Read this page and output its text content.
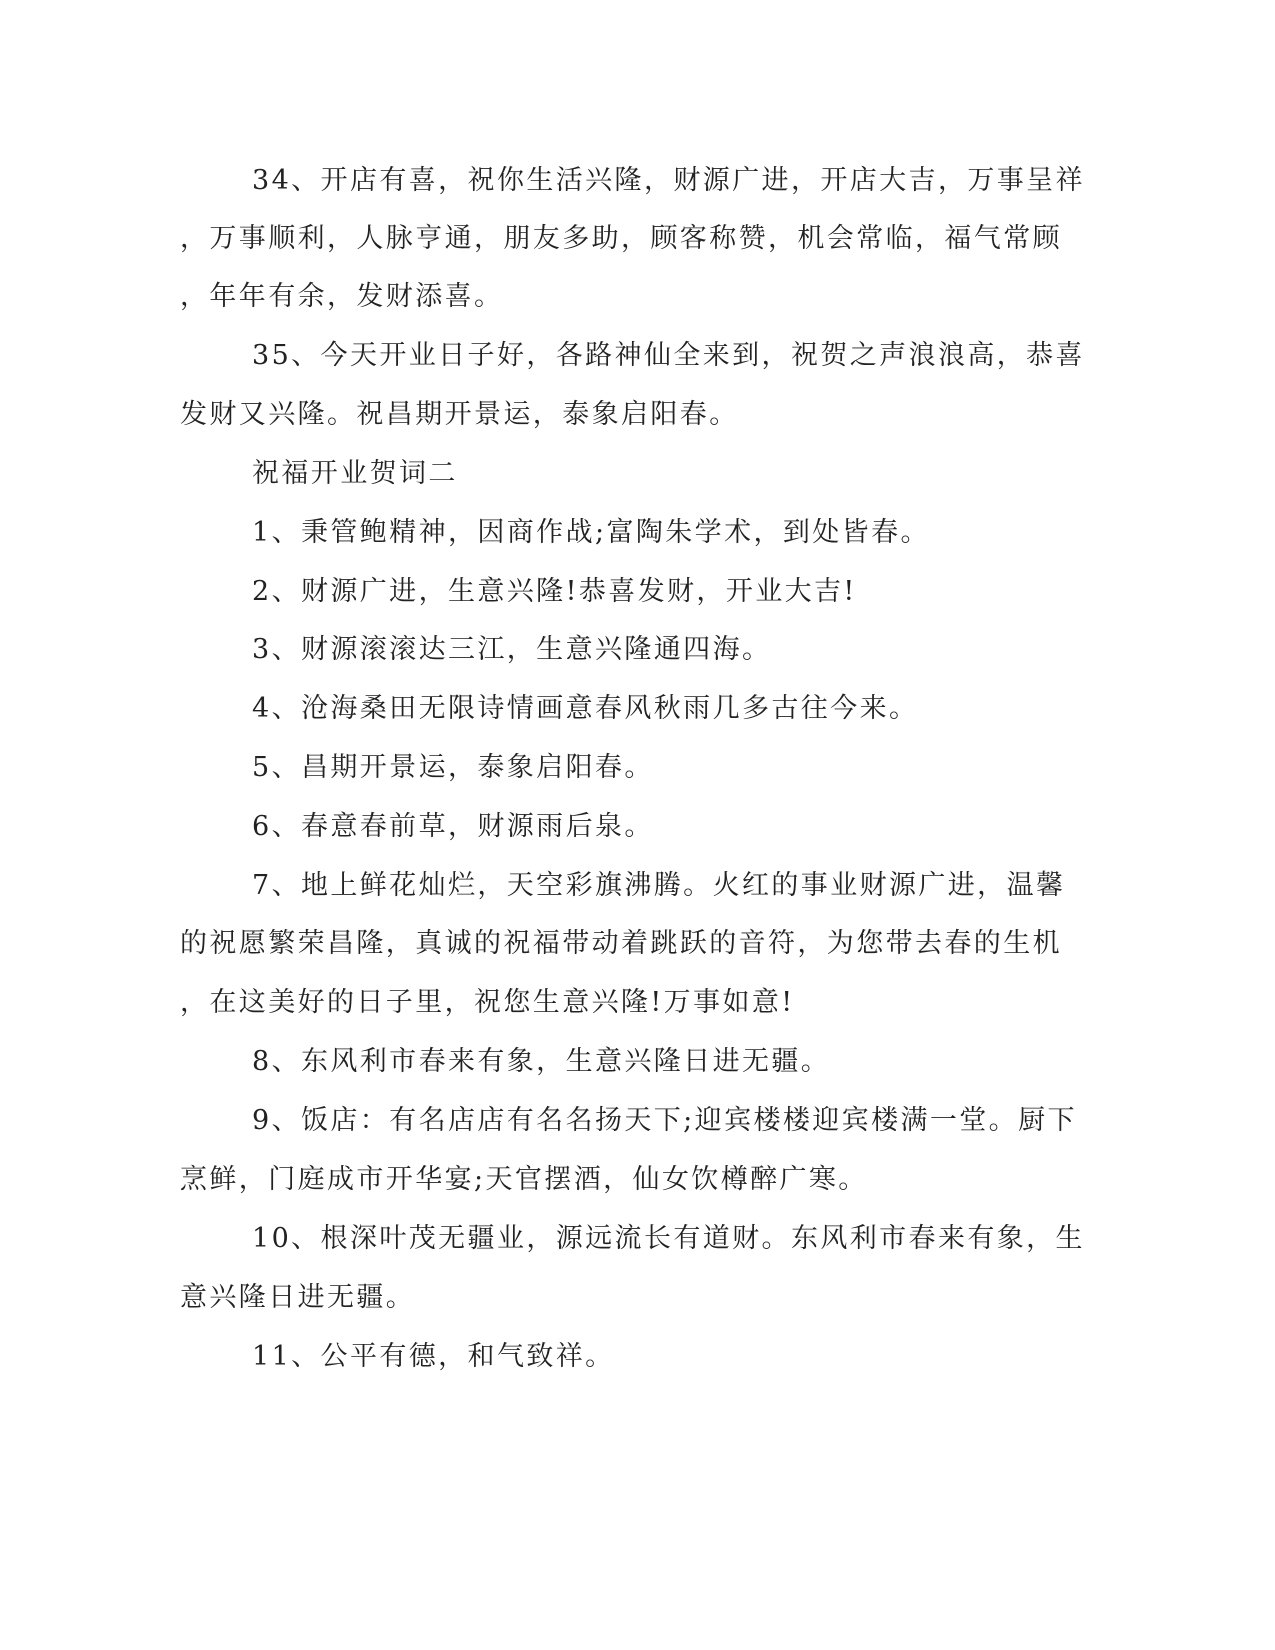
34、开店有喜，祝你生活兴隆，财源广进，开店大吉，万事呈祥
，万事顺利，人脉亨通，朋友多助，顾客称赞，机会常临，福气常顾
，年年有余，发财添喜。
35、今天开业日子好，各路神仙全来到，祝贺之声浪浪高，恭喜
发财又兴隆。祝昌期开景运，泰象启阳春。
祝福开业贺词二
1、秉管鲍精神，因商作战;富陶朱学术，到处皆春。
2、财源广进，生意兴隆!恭喜发财，开业大吉!
3、财源滚滚达三江，生意兴隆通四海。
4、沧海桑田无限诗情画意春风秋雨几多古往今来。
5、昌期开景运，泰象启阳春。
6、春意春前草，财源雨后泉。
7、地上鲜花灿烂，天空彩旗沸腾。火红的事业财源广进，温馨
的祝愿繁荣昌隆，真诚的祝福带动着跳跃的音符，为您带去春的生机
，在这美好的日子里，祝您生意兴隆!万事如意!
8、东风利市春来有象，生意兴隆日进无疆。
9、饭店：有名店店有名名扬天下;迎宾楼楼迎宾楼满一堂。厨下
烹鲜，门庭成市开华宴;天官摆酒，仙女饮樽醉广寒。
10、根深叶茂无疆业，源远流长有道财。东风利市春来有象，生
意兴隆日进无疆。
11、公平有德，和气致祥。
